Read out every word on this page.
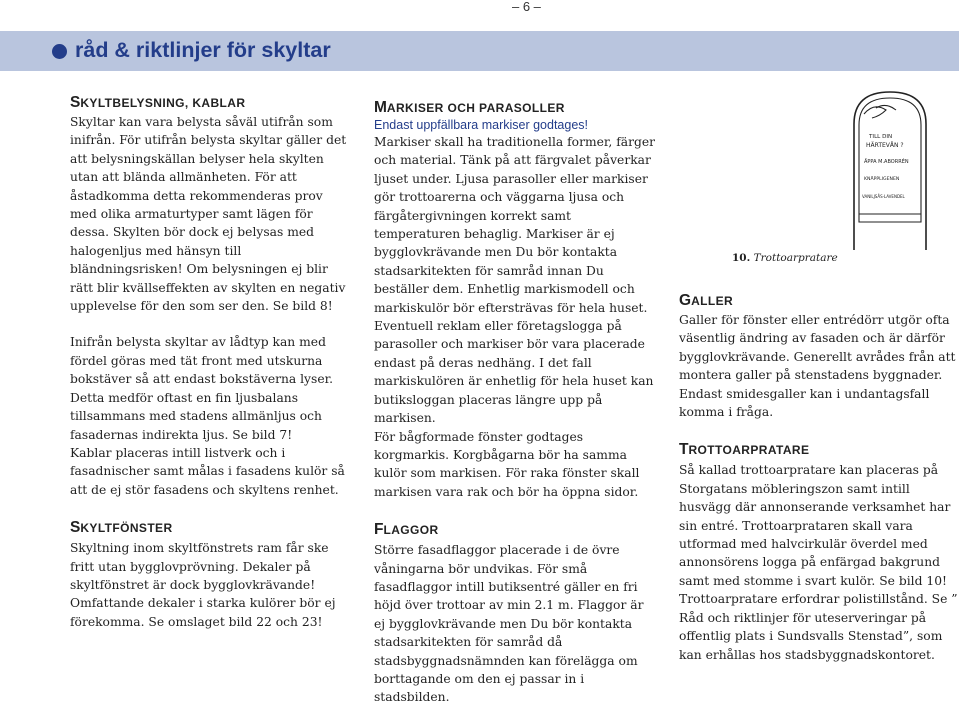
– 6 –
råd & riktlinjer för skyltar
SKYLTBELYSNING, KABLAR

Skyltar kan vara belysta såväl utifrån som inifrån. För utifrån belysta skyltar gäller det att belysningskällan belyser hela skylten utan att blända allmänheten. För att åstadkomma detta rekommenderas prov med olika armaturtyper samt lägen för dessa. Skylten bör dock ej belysas med halogenljus med hänsyn till bländningsrisken! Om belysningen ej blir rätt blir kvällseffekten av skylten en negativ upplevelse för den som ser den. Se bild 8!

Inifrån belysta skyltar av lådtyp kan med fördel göras med tät front med utskurna bokstäver så att endast bokstäverna lyser. Detta medför oftast en fin ljusbalans tillsammans med stadens allmänljus och fasadernas indirekta ljus. Se bild 7!

Kablar placeras intill listverk och i fasadnischer samt målas i fasadens kulör så att de ej stör fasadens och skyltens renhet.

SKYLTFÖNSTER

Skyltning inom skyltfönstrets ram får ske fritt utan bygglovprövning. Dekaler på skyltfönstret är dock bygglovkrävande! Omfattande dekaler i starka kulörer bör ej förekomma. Se omslaget bild 22 och 23!

MARKISER OCH PARASOLLER
Endast uppfällbara markiser godtages!

Markiser skall ha traditionella former, färger och material. Tänk på att färgvalet påverkar ljuset under. Ljusa parasoller eller markiser gör trottoarerna och väggarna ljusa och färgåtergivningen korrekt samt temperaturen behaglig. Markiser är ej bygglovkrävande men Du bör kontakta stadsarkitekten för samråd innan Du beställer dem. Enhetlig markismodell och markiskulör bör eftersträvas för hela huset.

Eventuell reklam eller företagslogga på parasoller och markiser bör vara placerade endast på deras nedhäng. I det fall markiskulören är enhetlig för hela huset kan butiksloggan placeras längre upp på markisen.

För bågformade fönster godtages korgmarkis. Korgbågarna bör ha samma kulör som markisen. För raka fönster skall markisen vara rak och bör ha öppna sidor.

FLAGGOR

Större fasadflaggor placerade i de övre våningarna bör undvikas. För små fasadflaggor intill butiksentré gäller en fri höjd över trottoar av min 2.1 m. Flaggor är ej bygglovkrävande men Du bör kontakta stadsarkitekten för samråd då stadsbyggnadsnämnden kan förelägga om borttagande om den ej passar in i stadsbilden.

TILL DIN
HÄRTEVÅN ?
ÄPPA M.ABORRÉN
KNÄPPLIGENEN
VANILJSÅS·LAVENDEL
10. Trottoarpratare
GALLER

Galler för fönster eller entrédörr utgör ofta väsentlig ändring av fasaden och är därför bygglovkrävande. Generellt avrådes från att montera galler på stenstadens byggnader. Endast smidesgaller kan i undantagsfall komma i fråga.

TROTTOARPRATARE

Så kallad trottoarpratare kan placeras på Storgatans möbleringszon samt intill husvägg där annonserande verksamhet har sin entré. Trottoarprataren skall vara utformad med halvcirkulär överdel med annonsörens logga på enfärgad bakgrund samt med stomme i svart kulör. Se bild 10!

Trottoarpratare erfordrar polistillstånd. Se ” Råd och riktlinjer för uteserveringar på offentlig plats i Sundsvalls Stenstad”, som kan erhållas hos stadsbyggnadskontoret.
